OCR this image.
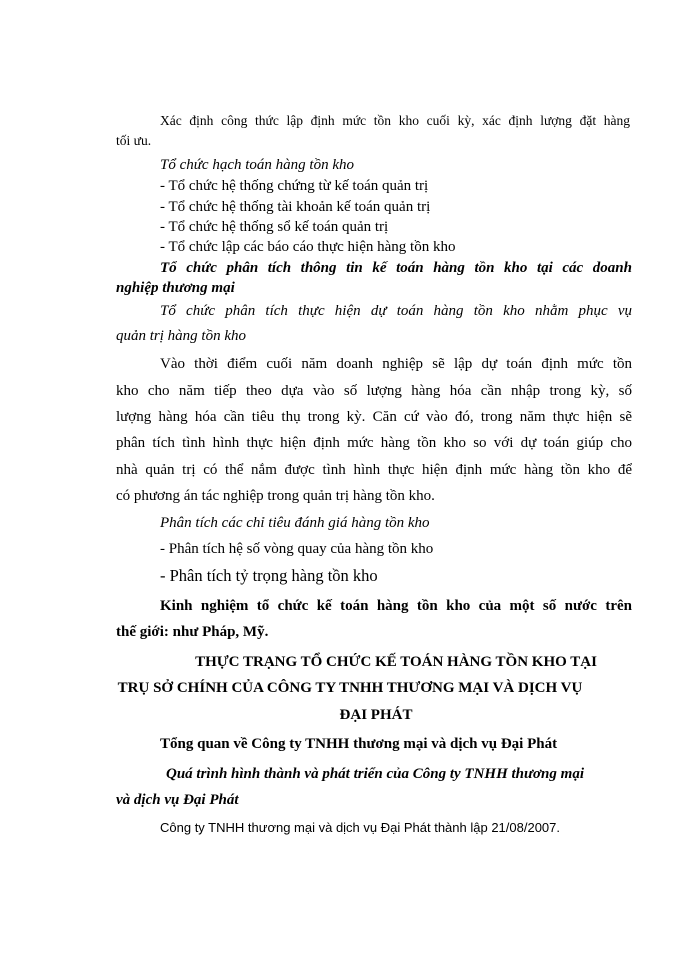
Xác định công thức lập định mức tồn kho cuối kỳ, xác định lượng đặt hàng
tối ưu.
Tổ chức hạch toán hàng tồn kho
- Tổ chức hệ thống chứng từ kế toán quản trị
- Tổ chức hệ thống tài khoản kế toán quản trị
- Tổ chức hệ thống sổ kế toán quản trị
- Tổ chức lập các báo cáo thực hiện hàng tồn kho
Tổ chức phân tích thông tin kế toán hàng tồn kho tại các doanh
nghiệp thương mại
Tổ chức phân tích thực hiện dự toán hàng tồn kho nhằm phục vụ
quản trị hàng tồn kho
Vào thời điểm cuối năm doanh nghiệp sẽ lập dự toán định mức tồn
kho cho năm tiếp theo dựa vào số lượng hàng hóa cần nhập trong kỳ, số
lượng hàng hóa cần tiêu thụ trong kỳ. Căn cứ vào đó, trong năm thực hiện sẽ
phân tích tình hình thực hiện định mức hàng tồn kho so với dự toán giúp cho
nhà quản trị có thể nắm được tình hình thực hiện định mức hàng tồn kho để
có phương án tác nghiệp trong quản trị hàng tồn kho.
Phân tích các chỉ tiêu đánh giá hàng tồn kho
- Phân tích hệ số vòng quay của hàng tồn kho
- Phân tích tỷ trọng hàng tồn kho
Kinh nghiệm tổ chức kế toán hàng tồn kho của một số nước trên
thế giới: như Pháp, Mỹ.
THỰC TRẠNG TỔ CHỨC KẾ TOÁN HÀNG TỒN KHO TẠI
TRỤ SỞ CHÍNH CỦA CÔNG TY TNHH THƯƠNG MẠI VÀ DỊCH VỤ
ĐẠI PHÁT
Tổng quan về Công ty TNHH thương mại và dịch vụ Đại Phát
Quá trình hình thành và phát triển của Công ty TNHH thương mại
và dịch vụ Đại Phát
Công ty TNHH thương mại và dịch vụ Đại Phát thành lập 21/08/2007.
